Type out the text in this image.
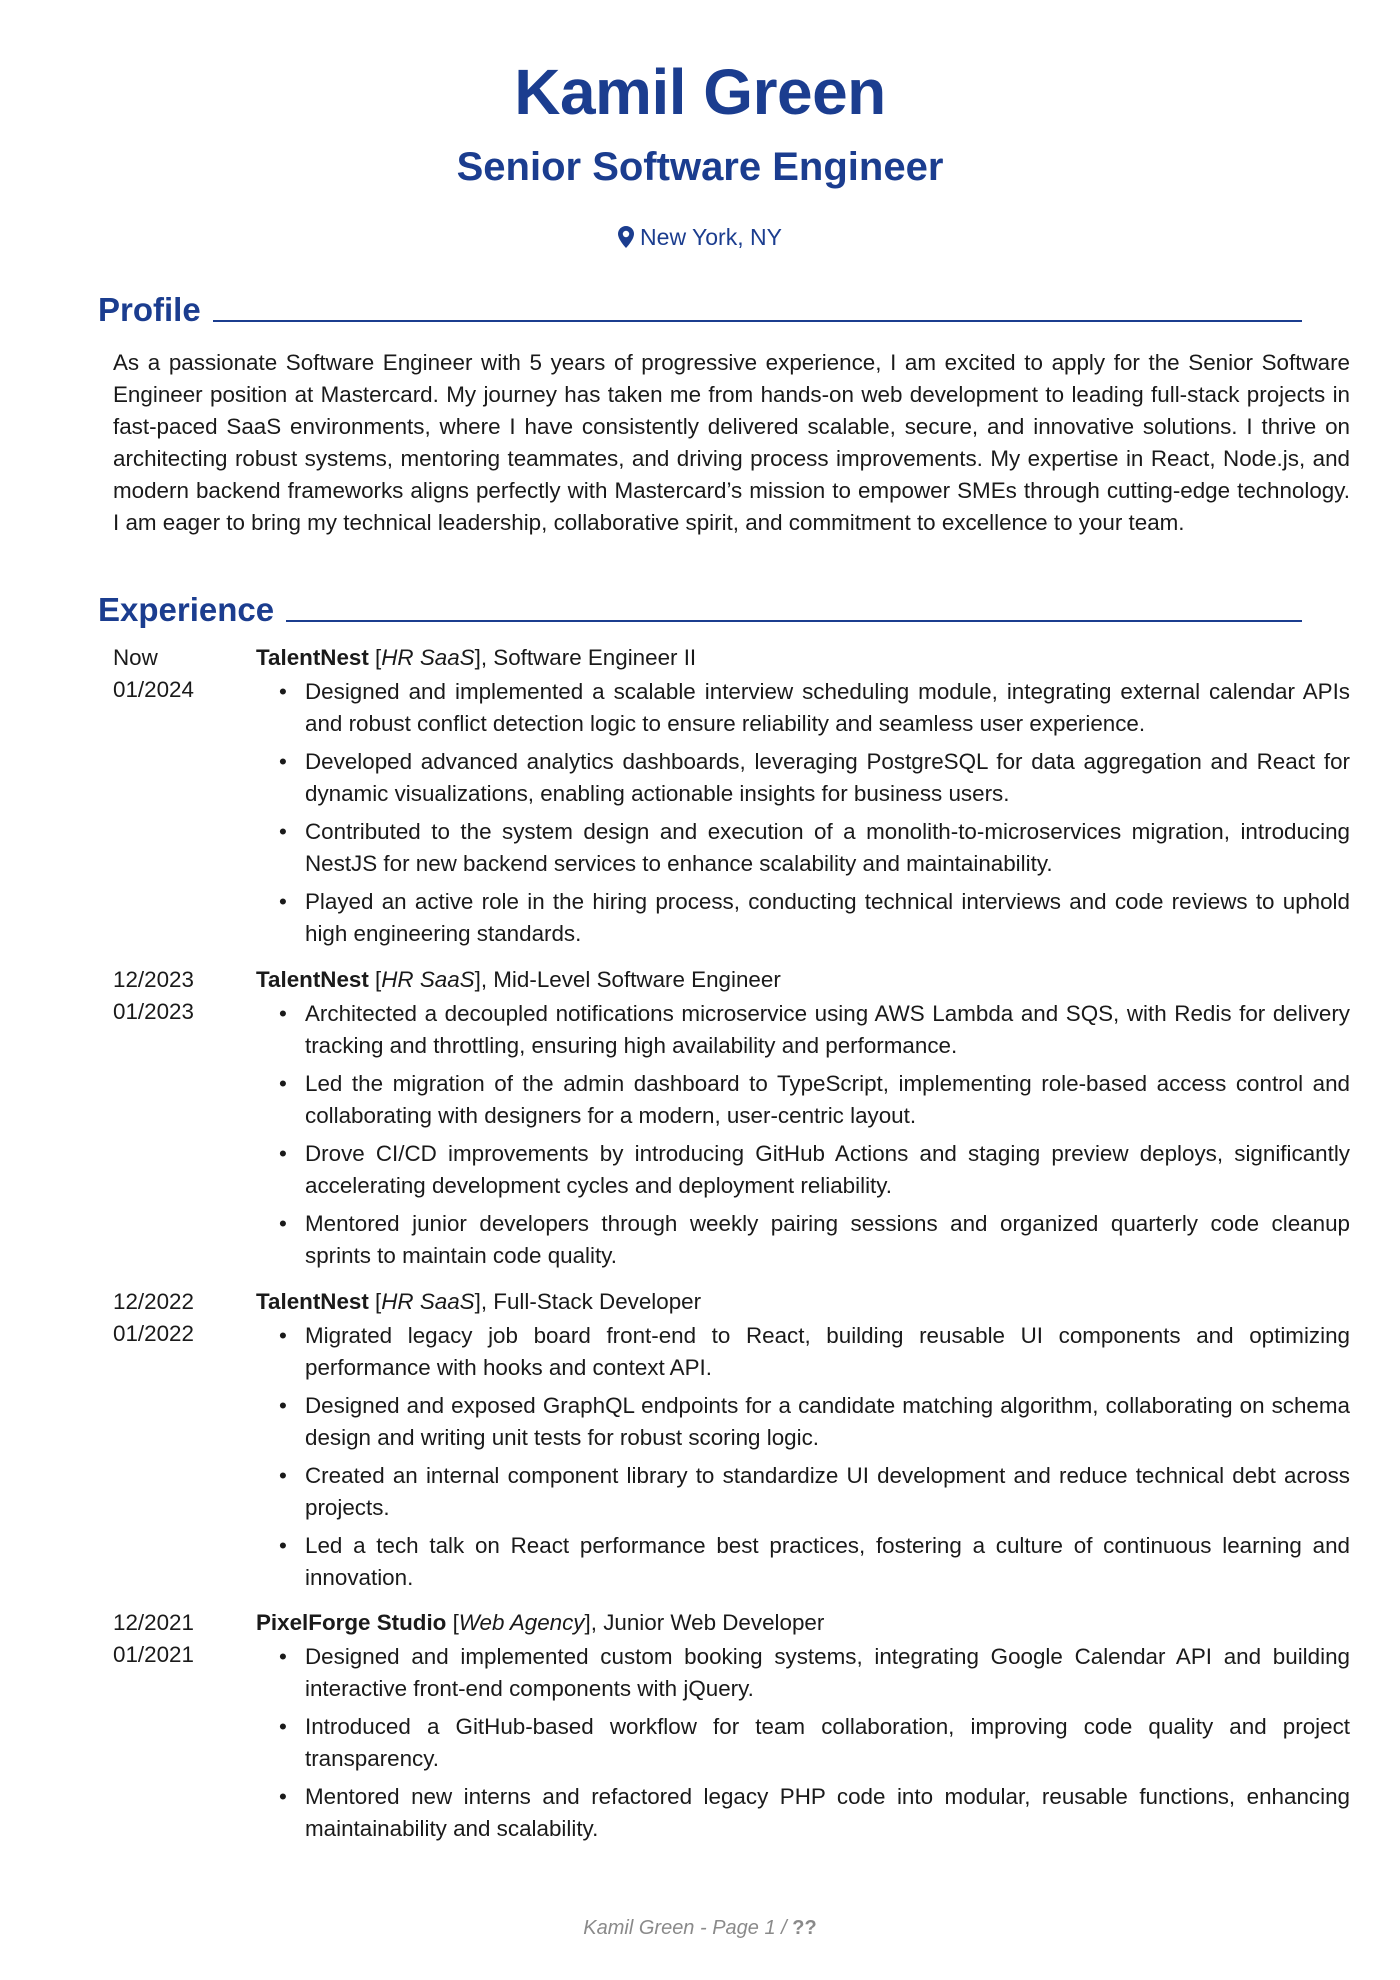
Kamil Green
Senior Software Engineer
New York, NY
Profile
As a passionate Software Engineer with 5 years of progressive experience, I am excited to apply for the Senior Software Engineer position at Mastercard. My journey has taken me from hands-on web development to leading full-stack projects in fast-paced SaaS environments, where I have consistently delivered scalable, secure, and innovative solutions. I thrive on architecting robust systems, mentoring teammates, and driving process improvements. My expertise in React, Node.js, and modern backend frameworks aligns perfectly with Mastercard’s mission to empower SMEs through cutting-edge technology. I am eager to bring my technical leadership, collaborative spirit, and commitment to excellence to your team.
Experience
Now
01/2024
TalentNest [HR SaaS], Software Engineer II
• Designed and implemented a scalable interview scheduling module, integrating external calendar APIs and robust conflict detection logic to ensure reliability and seamless user experience.
• Developed advanced analytics dashboards, leveraging PostgreSQL for data aggregation and React for dynamic visualizations, enabling actionable insights for business users.
• Contributed to the system design and execution of a monolith-to-microservices migration, introducing NestJS for new backend services to enhance scalability and maintainability.
• Played an active role in the hiring process, conducting technical interviews and code reviews to uphold high engineering standards.
12/2023
01/2023
TalentNest [HR SaaS], Mid-Level Software Engineer
• Architected a decoupled notifications microservice using AWS Lambda and SQS, with Redis for delivery tracking and throttling, ensuring high availability and performance.
• Led the migration of the admin dashboard to TypeScript, implementing role-based access control and collaborating with designers for a modern, user-centric layout.
• Drove CI/CD improvements by introducing GitHub Actions and staging preview deploys, significantly accelerating development cycles and deployment reliability.
• Mentored junior developers through weekly pairing sessions and organized quarterly code cleanup sprints to maintain code quality.
12/2022
01/2022
TalentNest [HR SaaS], Full-Stack Developer
• Migrated legacy job board front-end to React, building reusable UI components and optimizing performance with hooks and context API.
• Designed and exposed GraphQL endpoints for a candidate matching algorithm, collaborating on schema design and writing unit tests for robust scoring logic.
• Created an internal component library to standardize UI development and reduce technical debt across projects.
• Led a tech talk on React performance best practices, fostering a culture of continuous learning and innovation.
12/2021
01/2021
PixelForge Studio [Web Agency], Junior Web Developer
• Designed and implemented custom booking systems, integrating Google Calendar API and building interactive front-end components with jQuery.
• Introduced a GitHub-based workflow for team collaboration, improving code quality and project transparency.
• Mentored new interns and refactored legacy PHP code into modular, reusable functions, enhancing maintainability and scalability.
Kamil Green - Page 1 / ??
